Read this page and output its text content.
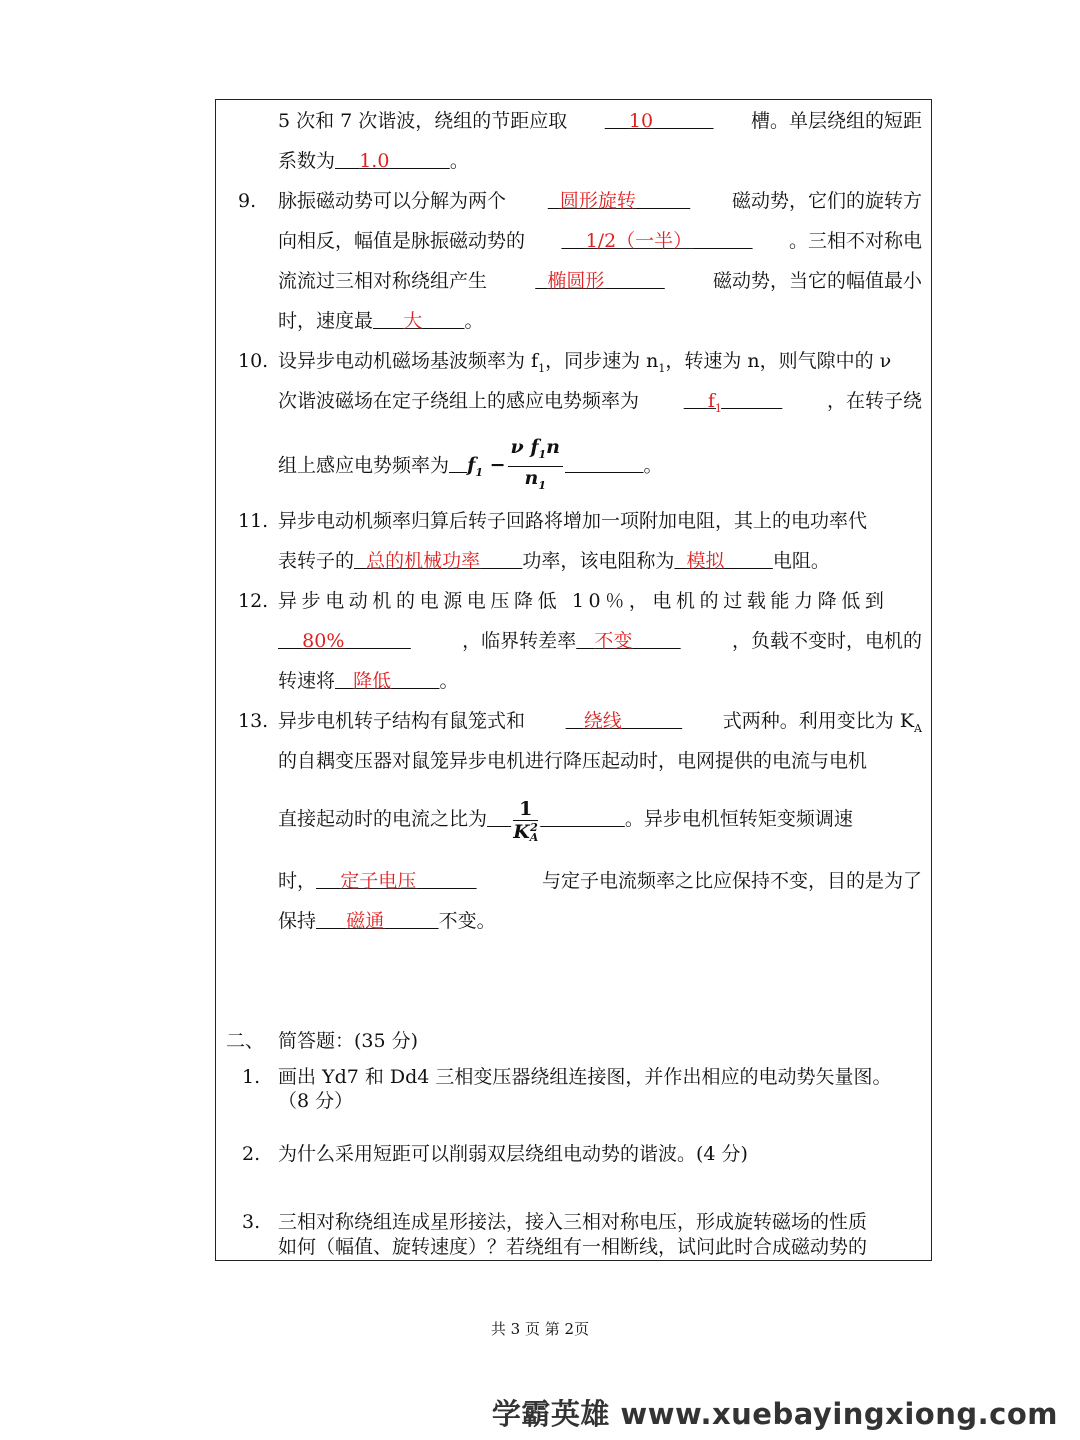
5 次和 7 次谐波，绕组的节距应取	10	槽。单层绕组的短距
系数为 1.0	。
9. 脉振磁动势可以分解为两个	圆形旋转	磁动势，它们的旋转方
向相反，幅值是脉振磁动势的	1/2（一半）	。三相不对称电
流流过三相对称绕组产生	椭圆形	磁动势，当它的幅值最小
时，速度最 大 。
10. 设异步电动机磁场基波频率为 $f_1$，同步速为 $n_1$，转速为 n，则气隙中的 ν
次谐波磁场在定子绕组上的感应电势频率为	$f_1$	，在转子绕
组上感应电势频率为 $f_1 - \frac{\nu f_1n}{n_1}$	。
11. 异步电动机频率归算后转子回路将增加一项附加电阻，其上的电功率代
表转子的 总的机械功率 功率，该电阻称为 模拟	电阻。
12. 异步电动机的电源电压降低 10％，电机的过载能力降低到
80%	，临界转差率 不变	，负载不变时，电机的
转速将 降低	。
13. 异步电机转子结构有鼠笼式和	绕线	式两种。利用变比为 $K_A$
的自耦变压器对鼠笼异步电机进行降压起动时，电网提供的电流与电机
直接起动时的电流之比为 1
K 2
A	。异步电机恒转矩变频调速
时， 定子电压	与定子电流频率之比应保持不变，目的是为了
保持 磁通	不变。
二、 简答题：(35 分)
1. 画出 Yd7 和 Dd4 三相变压器绕组连接图，并作出相应的电动势矢量图。
（8 分）
2. 为什么采用短距可以削弱双层绕组电动势的谐波。(4 分)
3. 三相对称绕组连成星形接法，接入三相对称电压，形成旋转磁场的性质
如何（幅值、旋转速度）？若绕组有一相断线，试问此时合成磁动势的
共 3 页 第 2页
学霸英雄 www.xuebayingxiong.com
